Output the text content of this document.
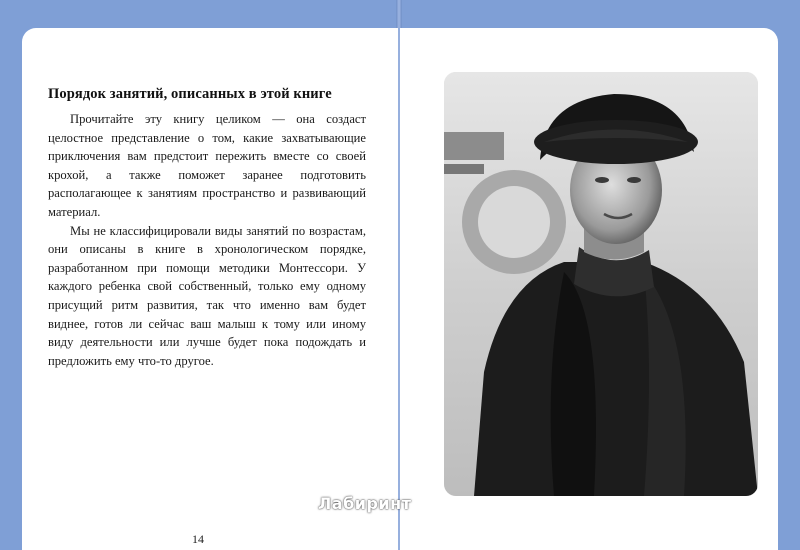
Порядок занятий, описанных в этой книге

Прочитайте эту книгу целиком — она создаст целостное представление о том, какие захватывающие приключения вам предстоит пережить вместе со своей крохой, а также поможет заранее подготовить располагающее к занятиям пространство и развивающий материал.

Мы не классифицировали виды занятий по возрастам, они описаны в книге в хронологическом порядке, разработанном при помощи методики Монтессори. У каждого ребенка свой собственный, только ему одному присущий ритм развития, так что именно вам будет виднее, готов ли сейчас ваш малыш к тому или иному виду деятельности или лучше будет пока подождать и предложить ему что-то другое.

14
Лабиринт
